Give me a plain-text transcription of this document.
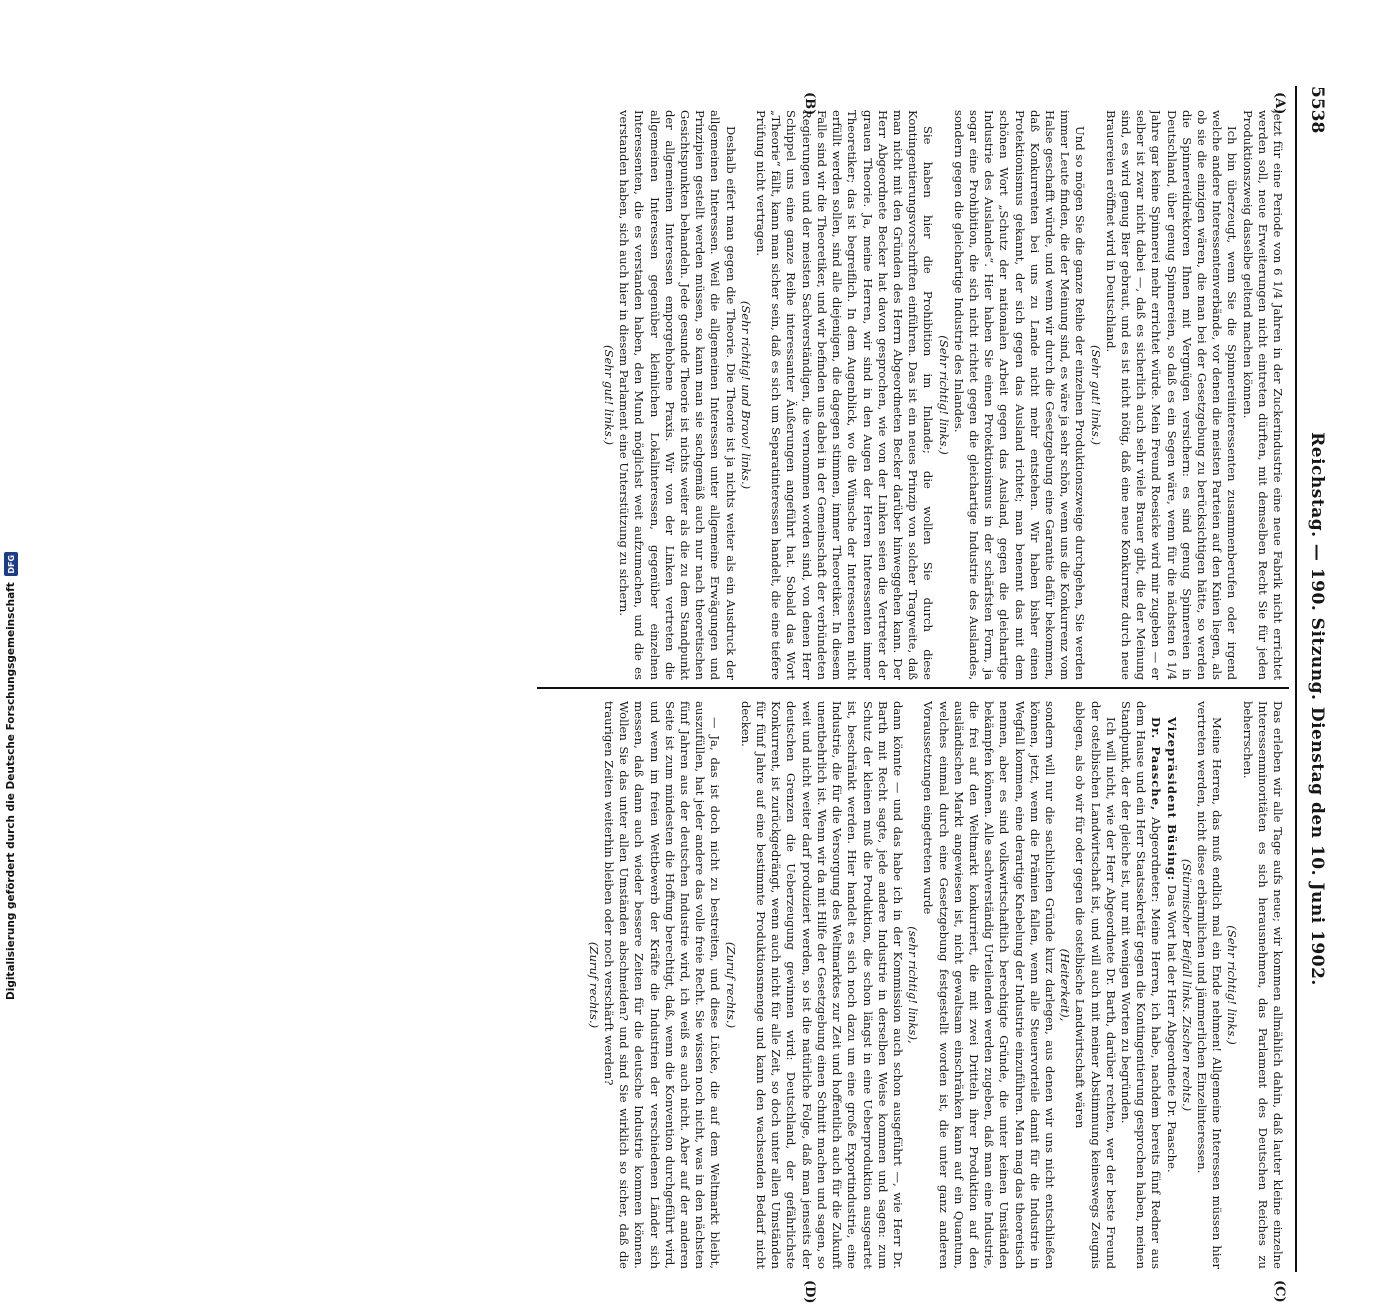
5538
Reichstag. — 190. Sitzung. Dienstag den 10. Juni 1902.
(A)
(B)
(C)
(D)

jetzt für eine Periode von 6 1/4 Jahren in der Zuckerindustrie eine neue Fabrik nicht errichtet werden soll, neue Erweiterungen nicht eintreten dürften, mit demselben Recht Sie für jeden Produktionszweig dasselbe geltend machen können.

Ich bin überzeugt, wenn Sie die Spinnereiinteressenten zusammenberufen oder irgend welche andere Interessentenverbände, vor denen die meisten Parteien auf den Knien liegen, als ob sie die einzigen wären, die man bei der Gesetzgebung zu berücksichtigen hätte, so werden die Spinnereidirektoren Ihnen mit Vergnügen versichern: es sind genug Spinnereien in Deutschland, über genug Spinnereien, so daß es ein Segen wäre, wenn für die nächsten 6 1/4 Jahre gar keine Spinnerei mehr errichtet würde. Mein Freund Roesicke wird mir zugeben — er selber ist zwar nicht dabei —, daß es sicherlich auch sehr viele Brauer gibt, die der Meinung sind, es wird genug Bier gebraut, und es ist nicht nötig, daß eine neue Konkurrenz durch neue Brauereien eröffnet wird in Deutschland.

(Sehr gut! links.)

Und so mögen Sie die ganze Reihe der einzelnen Produktionszweige durchgehen, Sie werden immer Leute finden, die der Meinung sind, es wäre ja sehr schön, wenn uns die Konkurrenz vom Halse geschafft würde, und wenn wir durch die Gesetzgebung eine Garantie dafür bekommen, daß Konkurrenten bei uns zu Lande nicht mehr entstehen. Wir haben bisher einen Protektionismus gekannt, der sich gegen das Ausland richtet; man benennt das mit dem schönen Wort „Schutz der nationalen Arbeit gegen das Ausland, gegen die gleichartige Industrie des Auslandes“. Hier haben Sie einen Protektionismus in der schärfsten Form, ja sogar eine Prohibition, die sich nicht richtet gegen die gleichartige Industrie des Auslandes, sondern gegen die gleichartige Industrie des Inlandes.

(Sehr richtig! links.)

Sie haben hier die Prohibition im Inlande; die wollen Sie durch diese Kontingentierungsvorschriften einführen. Das ist ein neues Prinzip von solcher Tragweite, daß man nicht mit den Gründen des Herrn Abgeordneten Becker darüber hinweggehen kann. Der Herr Abgeordnete Becker hat davon gesprochen, wie von der Linken seien die Vertreter der grauen Theorie. Ja, meine Herren, wir sind in den Augen der Herren Interessenten immer Theoretiker; das ist begreiflich. In dem Augenblick, wo die Wünsche der Interessenten nicht erfüllt werden sollen, sind alle diejenigen, die dagegen stimmen, immer Theoretiker. In diesem Falle sind wir die Theoretiker, und wir befinden uns dabei in der Gemeinschaft der verbündeten Regierungen und der meisten Sachverständigen, die vernommen worden sind, von denen Herr Schippel uns eine ganze Reihe interessanter Äußerungen angeführt hat. Sobald das Wort „Theorie“ fällt, kann man sicher sein, daß es sich um Separatinteressen handelt, die eine tiefere Prüfung nicht vertragen.

(Sehr richtig! und Bravo! links.)

Deshalb eifert man gegen die Theorie. Die Theorie ist ja nichts weiter als ein Ausdruck der allgemeinen Interessen. Weil die allgemeinen Interessen unter allgemeine Erwägungen und Prinzipien gestellt werden müssen, so kann man sie sachgemäß auch nur nach theoretischen Gesichtspunkten behandeln. Jede gesunde Theorie ist nichts weiter als die zu dem Standpunkt der allgemeinen Interessen emporgehobene Praxis. Wir von der Linken vertreten die allgemeinen Interessen gegenüber kleinlichen Lokalinteressen, gegenüber einzelnen Interessenten, die es verstanden haben, den Mund möglichst weit aufzumachen, und die es verstanden haben, sich auch hier in diesem Parlament eine Unterstützung zu sichern.

(Sehr gut! links.)

Das erleben wir alle Tage aufs neue; wir kommen allmählich dahin, daß lauter kleine einzelne Interessenminoritäten es sich herausnehmen, das Parlament des Deutschen Reiches zu beherrschen.

(Sehr richtig! links.)

Meine Herren, das muß endlich mal ein Ende nehmen! Allgemeine Interessen müssen hier vertreten werden, nicht diese erbärmlichen und jämmerlichen Einzelinteressen.

(Stürmischer Beifall links. Zischen rechts.)

Vizepräsident Büsing: Das Wort hat der Herr Abgeordnete Dr. Paasche.

Dr. Paasche, Abgeordneter: Meine Herren, ich habe, nachdem bereits fünf Redner aus dem Hause und ein Herr Staatssekretär gegen die Kontingentierung gesprochen haben, meinen Standpunkt, der der gleiche ist, nur mit wenigen Worten zu begründen.

Ich will nicht, wie der Herr Abgeordnete Dr. Barth, darüber rechten, wer der beste Freund der ostelbischen Landwirtschaft ist, und will auch mit meiner Abstimmung keineswegs Zeugnis ablegen, als ob wir für oder gegen die ostelbische Landwirtschaft wären

(Heiterkeit),

sondern will nur die sachlichen Gründe kurz darlegen, aus denen wir uns nicht entschließen können, jetzt, wenn die Prämien fallen, wenn alle Steuervorteile damit für die Industrie in Wegfall kommen, eine derartige Knebelung der Industrie einzuführen. Man mag das theoretisch nennen, aber es sind volkswirtschaftlich berechtigte Gründe, die unter keinen Umständen bekämpfen können. Alle sachverständig Urteilenden werden zugeben, daß man eine Industrie, die frei auf den Weltmarkt konkurriert, die mit zwei Dritteln ihrer Produktion auf den ausländischen Markt angewiesen ist, nicht gewaltsam einschränken kann auf ein Quantum, welches einmal durch eine Gesetzgebung festgestellt worden ist, die unter ganz anderen Voraussetzungen eingetreten wurde

(sehr richtig! links),

dann könnte — und das habe ich in der Kommission auch schon ausgeführt —, wie Herr Dr. Barth mit Recht sagte, jede andere Industrie in derselben Weise kommen und sagen: zum Schutz der kleinen muß die Produktion, die schon längst in eine Ueberproduktion ausgeartet ist, beschränkt werden. Hier handelt es sich noch dazu um eine große Exportindustrie, eine Industrie, die für die Versorgung des Weltmarktes zur Zeit und hoffentlich auch für die Zukunft unentbehrlich ist. Wenn wir da mit Hilfe der Gesetzgebung einen Schnitt machen und sagen, so weit und nicht weiter darf produziert werden, so ist die natürliche Folge, daß man jenseits der deutschen Grenzen die Ueberzeugung gewinnen wird: Deutschland, der gefährlichste Konkurrent, ist zurückgedrängt, wenn auch nicht für alle Zeit, so doch unter allen Umständen für fünf Jahre auf eine bestimmte Produktionsmenge und kann den wachsenden Bedarf nicht decken.

(Zuruf rechts.)

— Ja, das ist doch nicht zu bestreiten, und diese Lücke, die auf dem Weltmarkt bleibt, auszufüllen, hat jeder andere das volle freie Recht. Sie wissen noch nicht, was in den nächsten fünf Jahren aus der deutschen Industrie wird, ich weiß es auch nicht. Aber auf der anderen Seite ist zum mindesten die Hoffung berechtigt, daß, wenn die Konvention durchgeführt wird, und wenn im freien Wettbewerb der Kräfte die Industrien der verschiedenen Länder sich messen, daß dann auch wieder bessere Zeiten für die deutsche Industrie kommen können. Wollen Sie das unter allen Umständen abschneiden? und sind Sie wirklich so sicher, daß die traurigen Zeiten weiterhin bleiben oder noch verschärft werden?

(Zuruf rechts.)

Digitalisierung gefördert durch die Deutsche Forschungsgemeinschaft
DFG
